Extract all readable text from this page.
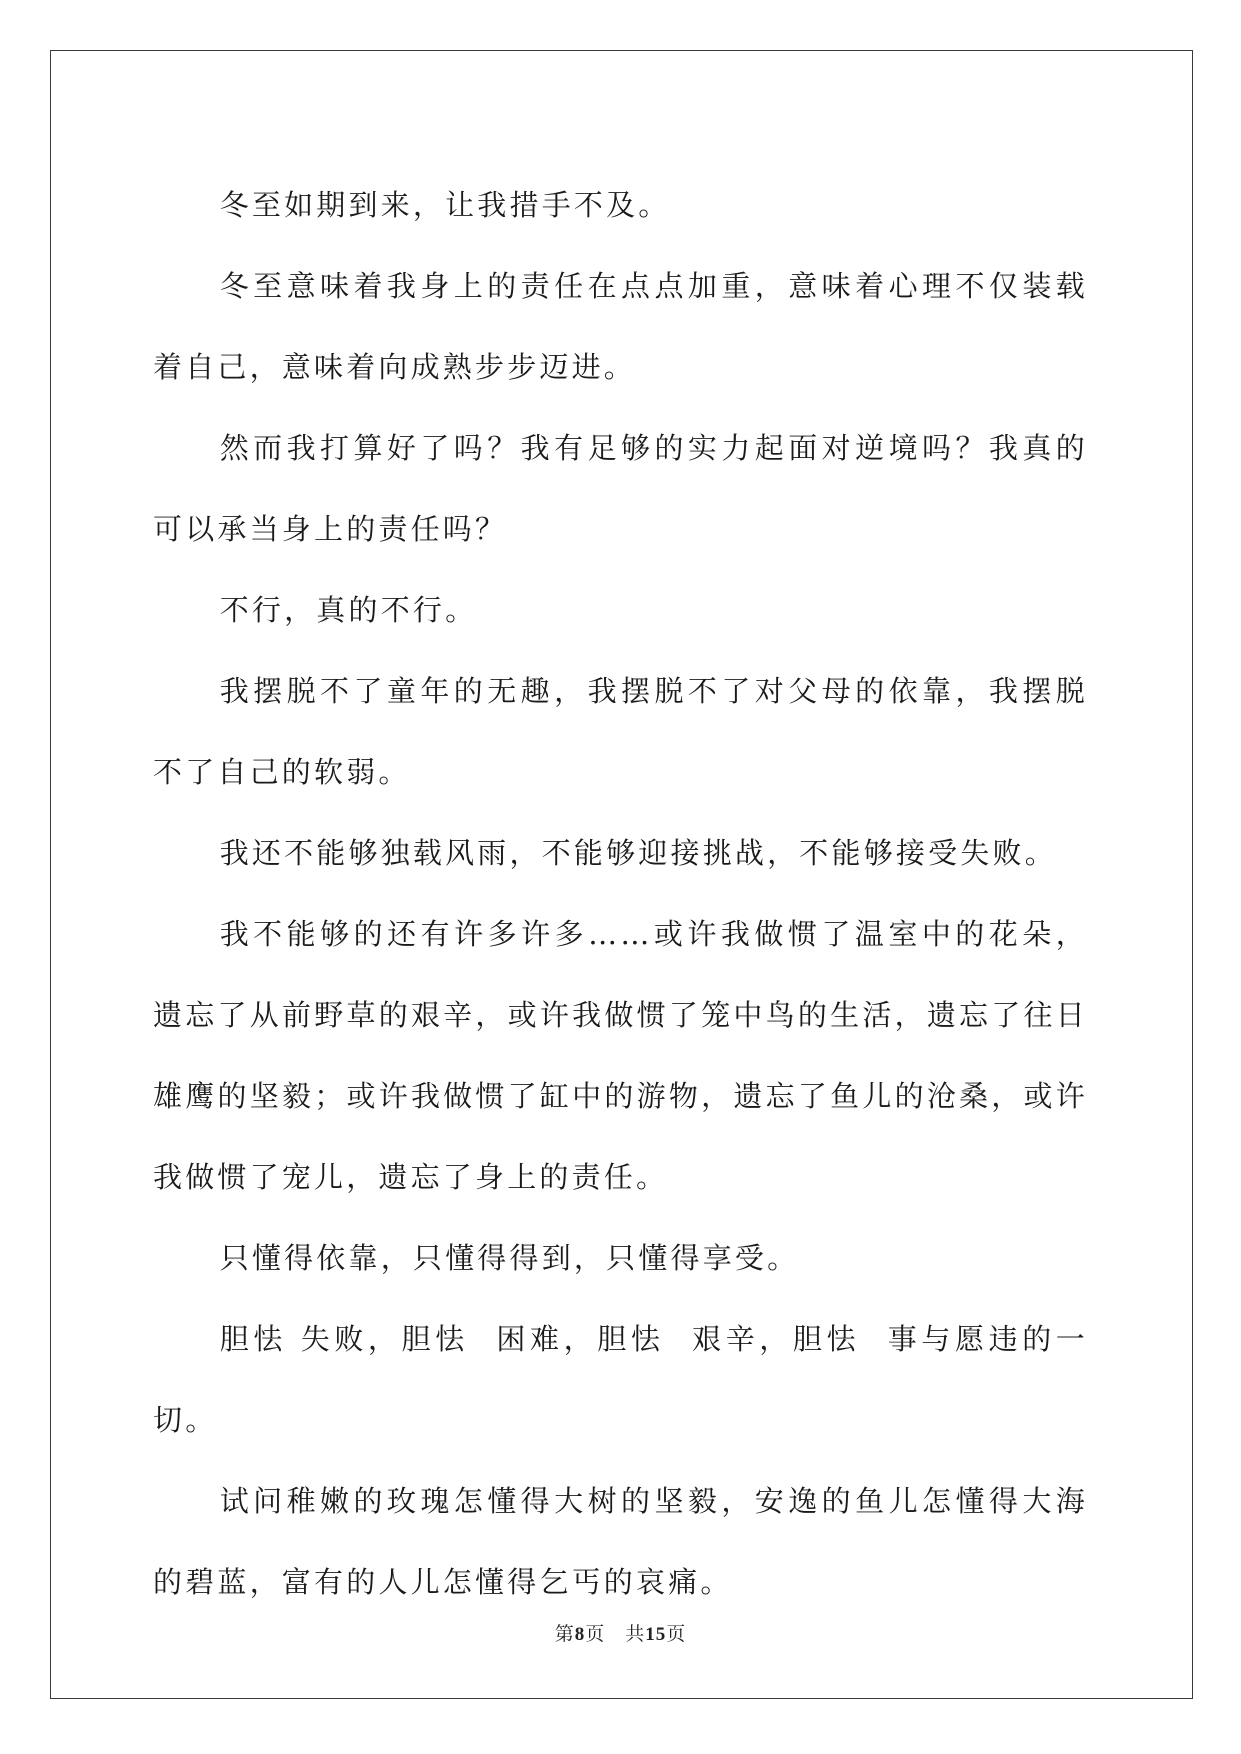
冬至如期到来，让我措手不及。

冬至意味着我身上的责任在点点加重，意味着心理不仅装载着自己，意味着向成熟步步迈进。

然而我打算好了吗？我有足够的实力起面对逆境吗？我真的可以承当身上的责任吗？

不行，真的不行。

我摆脱不了童年的无趣，我摆脱不了对父母的依靠，我摆脱不了自己的软弱。

我还不能够独载风雨，不能够迎接挑战，不能够接受失败。

我不能够的还有许多许多……或许我做惯了温室中的花朵，遗忘了从前野草的艰辛，或许我做惯了笼中鸟的生活，遗忘了往日雄鹰的坚毅；或许我做惯了缸中的游物，遗忘了鱼儿的沧桑，或许我做惯了宠儿，遗忘了身上的责任。

只懂得依靠，只懂得得到，只懂得享受。

胆怯 失败，胆怯  困难，胆怯  艰辛，胆怯  事与愿违的一切。

试问稚嫩的玫瑰怎懂得大树的坚毅，安逸的鱼儿怎懂得大海的碧蓝，富有的人儿怎懂得乞丐的哀痛。

第8页 共15页
